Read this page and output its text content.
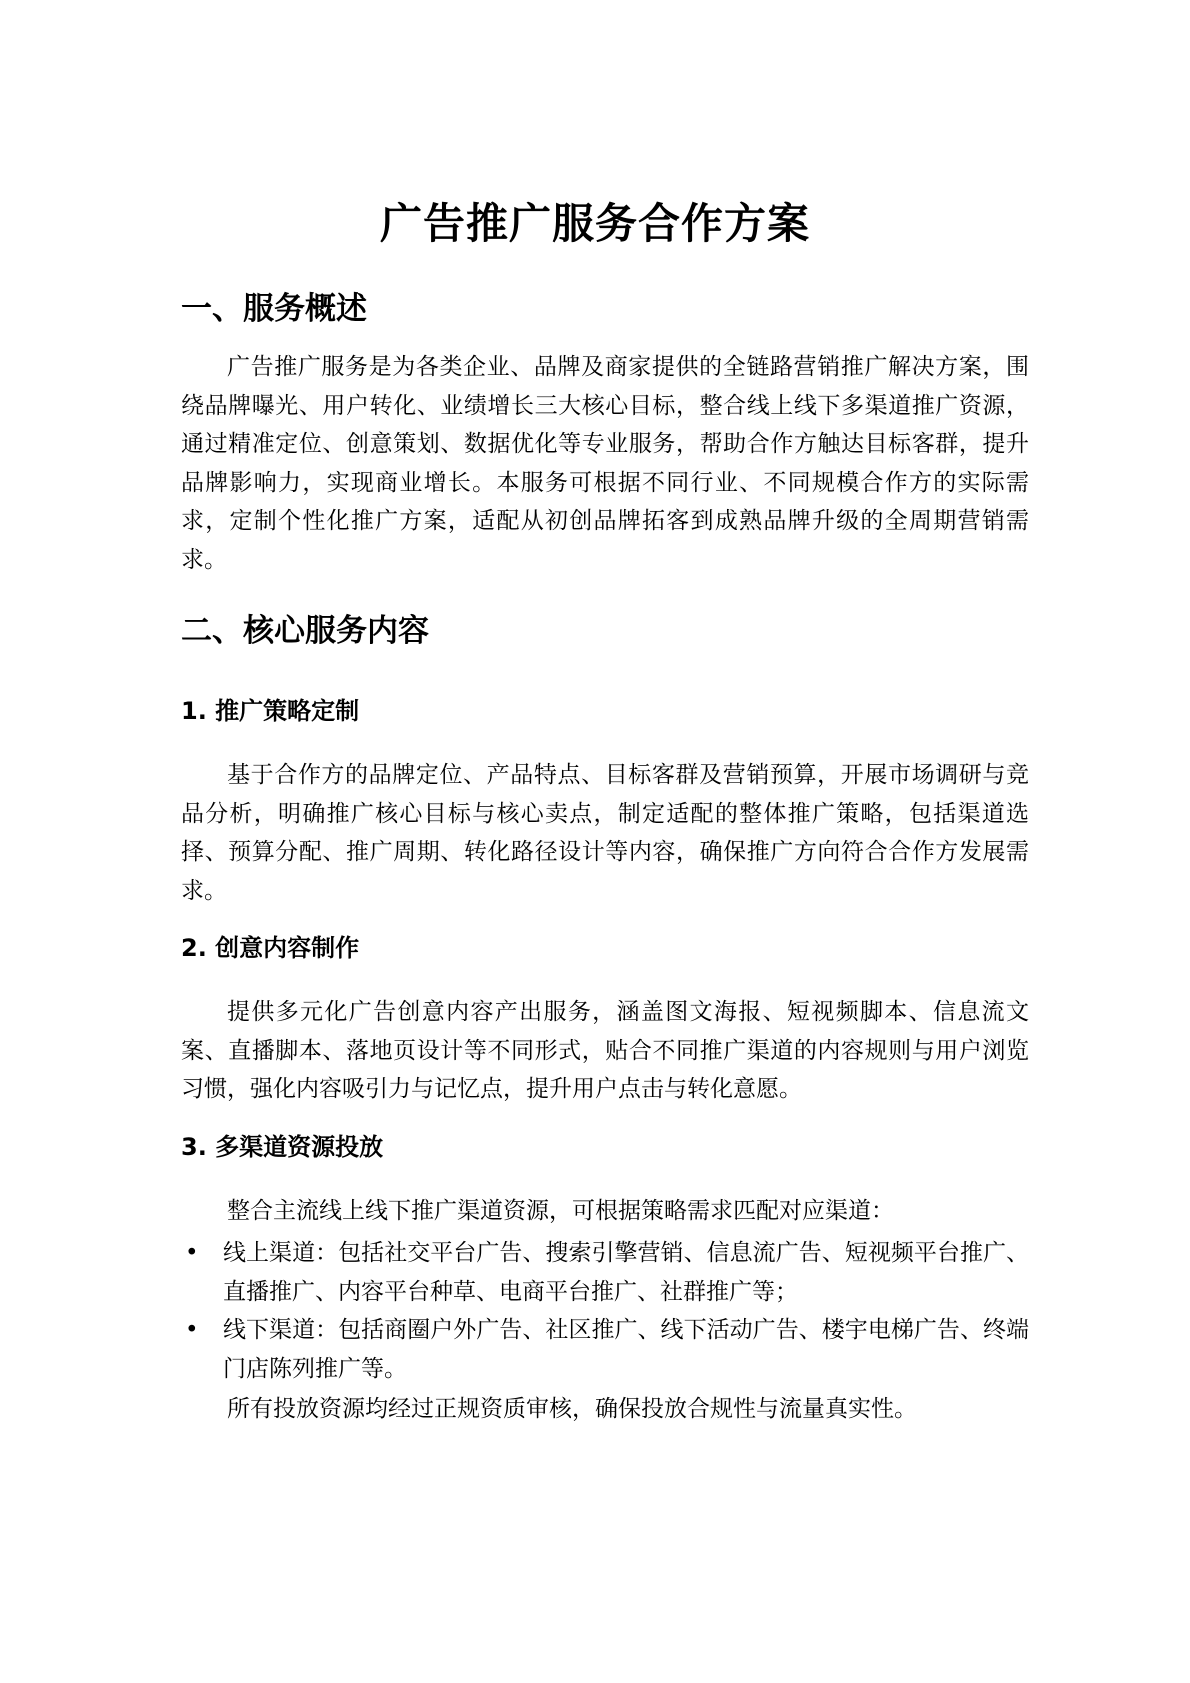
广告推广服务合作方案
一、服务概述

广告推广服务是为各类企业、品牌及商家提供的全链路营销推广解决方案，围绕品牌曝光、用户转化、业绩增长三大核心目标，整合线上线下多渠道推广资源，通过精准定位、创意策划、数据优化等专业服务，帮助合作方触达目标客群，提升品牌影响力，实现商业增长。本服务可根据不同行业、不同规模合作方的实际需求，定制个性化推广方案，适配从初创品牌拓客到成熟品牌升级的全周期营销需求。

二、核心服务内容
1. 推广策略定制

基于合作方的品牌定位、产品特点、目标客群及营销预算，开展市场调研与竞品分析，明确推广核心目标与核心卖点，制定适配的整体推广策略，包括渠道选择、预算分配、推广周期、转化路径设计等内容，确保推广方向符合合作方发展需求。

2. 创意内容制作

提供多元化广告创意内容产出服务，涵盖图文海报、短视频脚本、信息流文案、直播脚本、落地页设计等不同形式，贴合不同推广渠道的内容规则与用户浏览习惯，强化内容吸引力与记忆点，提升用户点击与转化意愿。

3. 多渠道资源投放

整合主流线上线下推广渠道资源，可根据策略需求匹配对应渠道：

• 线上渠道：包括社交平台广告、搜索引擎营销、信息流广告、短视频平台推广、直播推广、内容平台种草、电商平台推广、社群推广等；
• 线下渠道：包括商圈户外广告、社区推广、线下活动广告、楼宇电梯广告、终端门店陈列推广等。

所有投放资源均经过正规资质审核，确保投放合规性与流量真实性。
